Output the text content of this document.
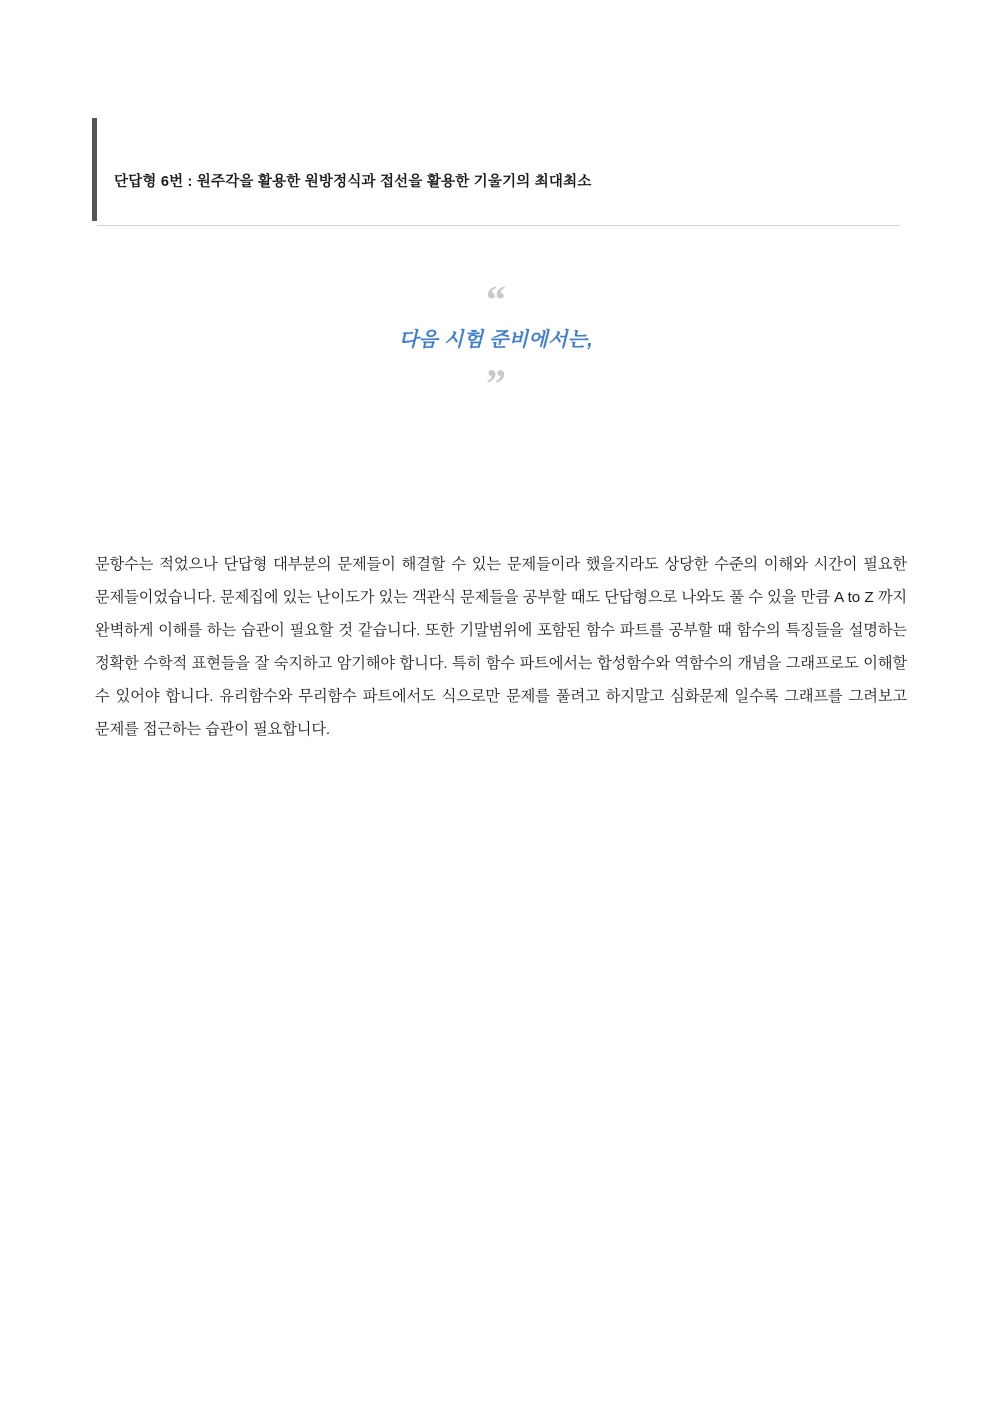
단답형 6번 : 원주각을 활용한 원방정식과 접선을 활용한 기울기의 최대최소
“
다음 시험 준비에서는,
”

문항수는 적었으나 단답형 대부분의 문제들이 해결할 수 있는 문제들이라 했을지라도 상당한 수준의 이해와 시간이 필요한 문제들이었습니다. 문제집에 있는 난이도가 있는 객관식 문제들을 공부할 때도 단답형으로 나와도 풀 수 있을 만큼 A to Z 까지 완벽하게 이해를 하는 습관이 필요할 것 같습니다. 또한 기말범위에 포함된 함수 파트를 공부할 때 함수의 특징들을 설명하는 정확한 수학적 표현들을 잘 숙지하고 암기해야 합니다. 특히 함수 파트에서는 합성함수와 역함수의 개념을 그래프로도 이해할 수 있어야 합니다. 유리함수와 무리함수 파트에서도 식으로만 문제를 풀려고 하지말고 심화문제 일수록 그래프를 그려보고 문제를 접근하는 습관이 필요합니다.
